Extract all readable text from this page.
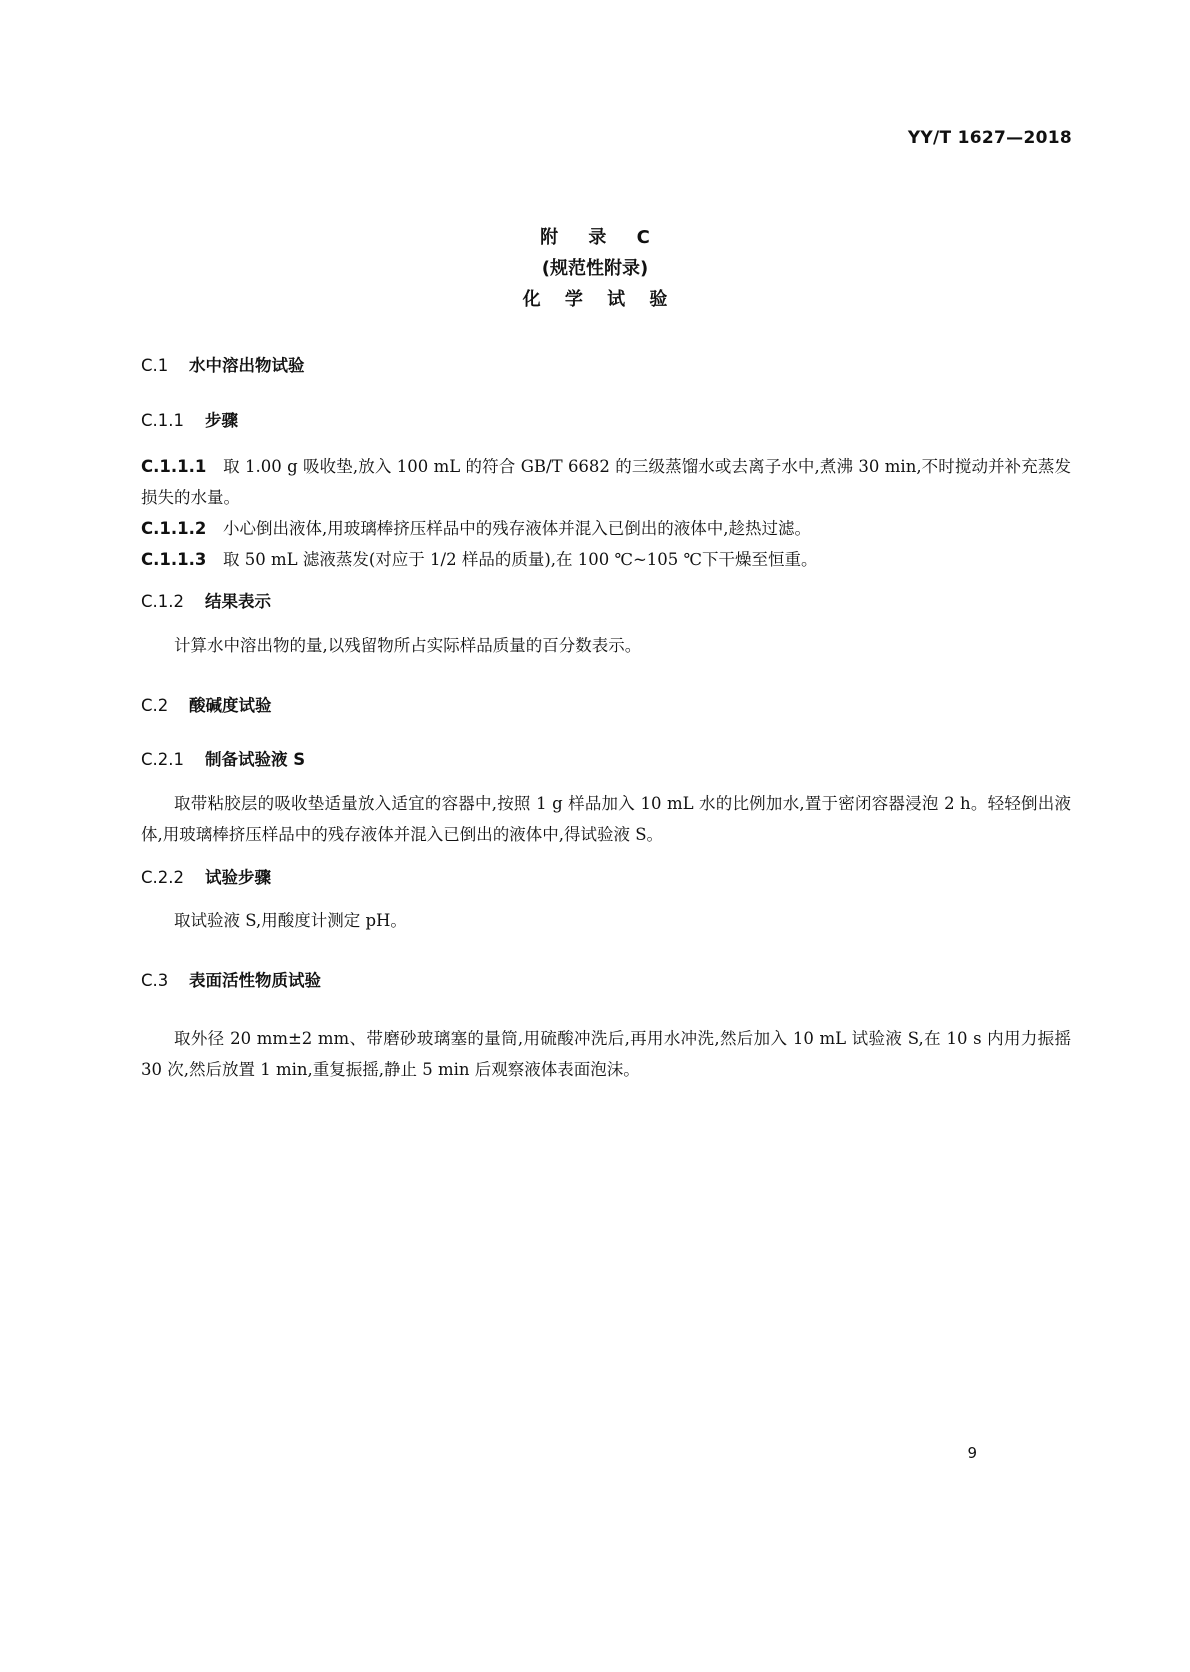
YY/T 1627—2018
附 录 C
(规范性附录)
化 学 试 验
C.1 水中溶出物试验
C.1.1 步骤
C.1.1.1 取 1.00 g 吸收垫,放入 100 mL 的符合 GB/T 6682 的三级蒸馏水或去离子水中,煮沸 30 min,不时搅动并补充蒸发损失的水量。
C.1.1.2 小心倒出液体,用玻璃棒挤压样品中的残存液体并混入已倒出的液体中,趁热过滤。
C.1.1.3 取 50 mL 滤液蒸发(对应于 1/2 样品的质量),在 100 ℃~105 ℃下干燥至恒重。
C.1.2 结果表示
计算水中溶出物的量,以残留物所占实际样品质量的百分数表示。
C.2 酸碱度试验
C.2.1 制备试验液 S
取带粘胶层的吸收垫适量放入适宜的容器中,按照 1 g 样品加入 10 mL 水的比例加水,置于密闭容器浸泡 2 h。轻轻倒出液体,用玻璃棒挤压样品中的残存液体并混入已倒出的液体中,得试验液 S。
C.2.2 试验步骤
取试验液 S,用酸度计测定 pH。
C.3 表面活性物质试验
取外径 20 mm±2 mm、带磨砂玻璃塞的量筒,用硫酸冲洗后,再用水冲洗,然后加入 10 mL 试验液 S,在 10 s 内用力振摇 30 次,然后放置 1 min,重复振摇,静止 5 min 后观察液体表面泡沫。
9
